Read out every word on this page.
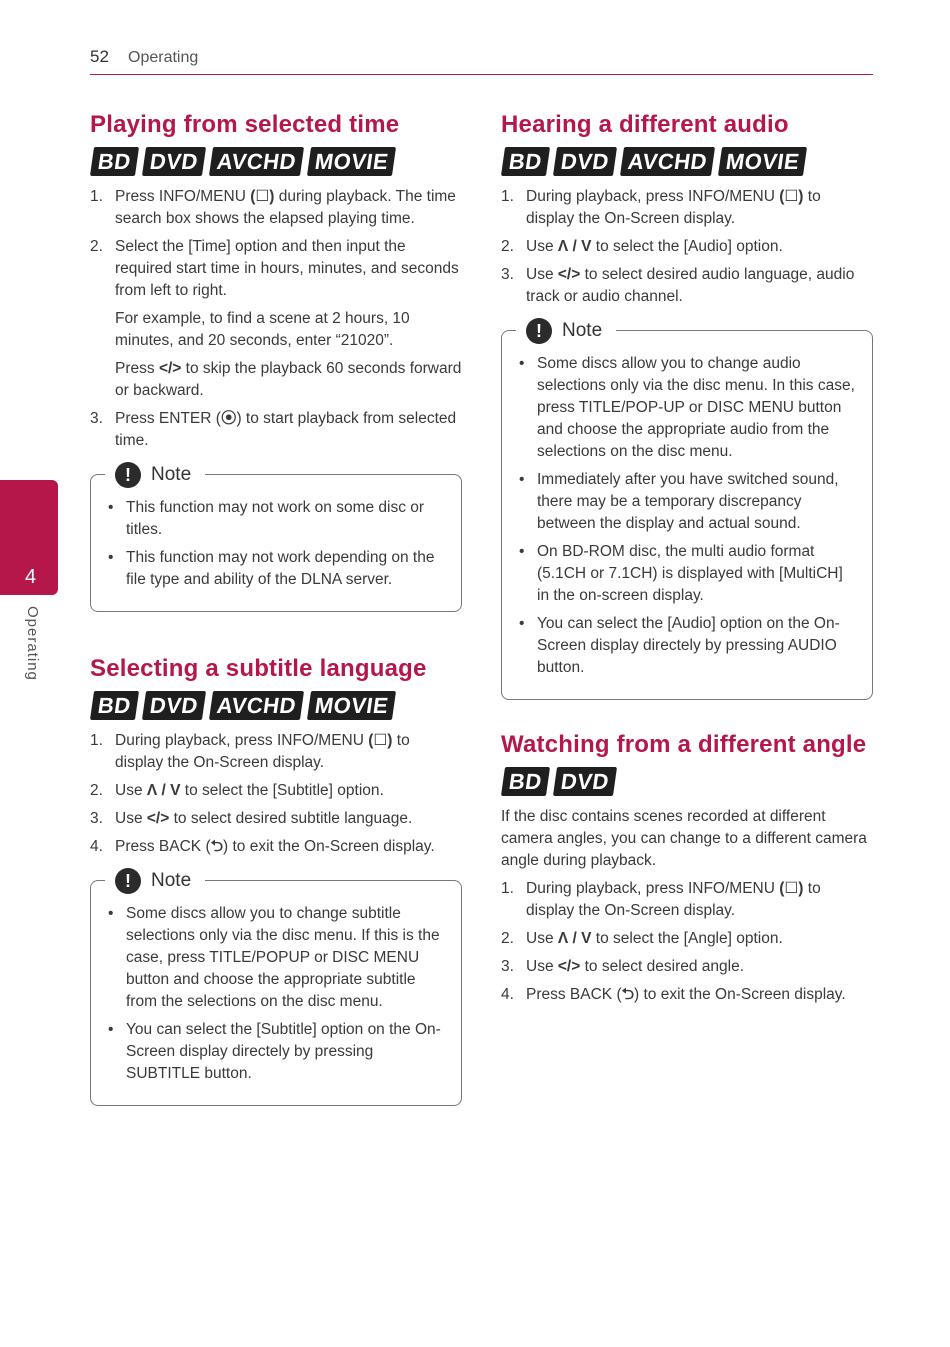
52 Operating
4
Operating
Playing from selected time
BD DVD AVCHD MOVIE
1. Press INFO/MENU (☐) during playback. The time search box shows the elapsed playing time.
2. Select the [Time] option and then input the required start time in hours, minutes, and seconds from left to right.
For example, to find a scene at 2 hours, 10 minutes, and 20 seconds, enter “21020”.
Press </> to skip the playback 60 seconds forward or backward.
3. Press ENTER (⦿) to start playback from selected time.
!	Note
• This function may not work on some disc or titles.
• This function may not work depending on the file type and ability of the DLNA server.
Selecting a subtitle language
BD DVD AVCHD MOVIE
1. During playback, press INFO/MENU (☐) to display the On-Screen display.
2. Use Λ / V to select the [Subtitle] option.
3. Use </> to select desired subtitle language.
4. Press BACK (⮌) to exit the On-Screen display.
!	Note
• Some discs allow you to change subtitle selections only via the disc menu. If this is the case, press TITLE/POPUP or DISC MENU button and choose the appropriate subtitle from the selections on the disc menu.
• You can select the [Subtitle] option on the On-Screen display directely by pressing SUBTITLE button.
Hearing a different audio
BD DVD AVCHD MOVIE
1. During playback, press INFO/MENU (☐) to display the On-Screen display.
2. Use Λ / V to select the [Audio] option.
3. Use </> to select desired audio language, audio track or audio channel.
!	Note
• Some discs allow you to change audio selections only via the disc menu. In this case, press TITLE/POP-UP or DISC MENU button and choose the appropriate audio from the selections on the disc menu.
• Immediately after you have switched sound, there may be a temporary discrepancy between the display and actual sound.
• On BD-ROM disc, the multi audio format (5.1CH or 7.1CH) is displayed with [MultiCH] in the on-screen display.
• You can select the [Audio] option on the On-Screen display directely by pressing AUDIO button.
Watching from a different angle
BD DVD

If the disc contains scenes recorded at different camera angles, you can change to a different camera angle during playback.

1. During playback, press INFO/MENU (☐) to display the On-Screen display.
2. Use Λ / V to select the [Angle] option.
3. Use </> to select desired angle.
4. Press BACK (⮌) to exit the On-Screen display.
